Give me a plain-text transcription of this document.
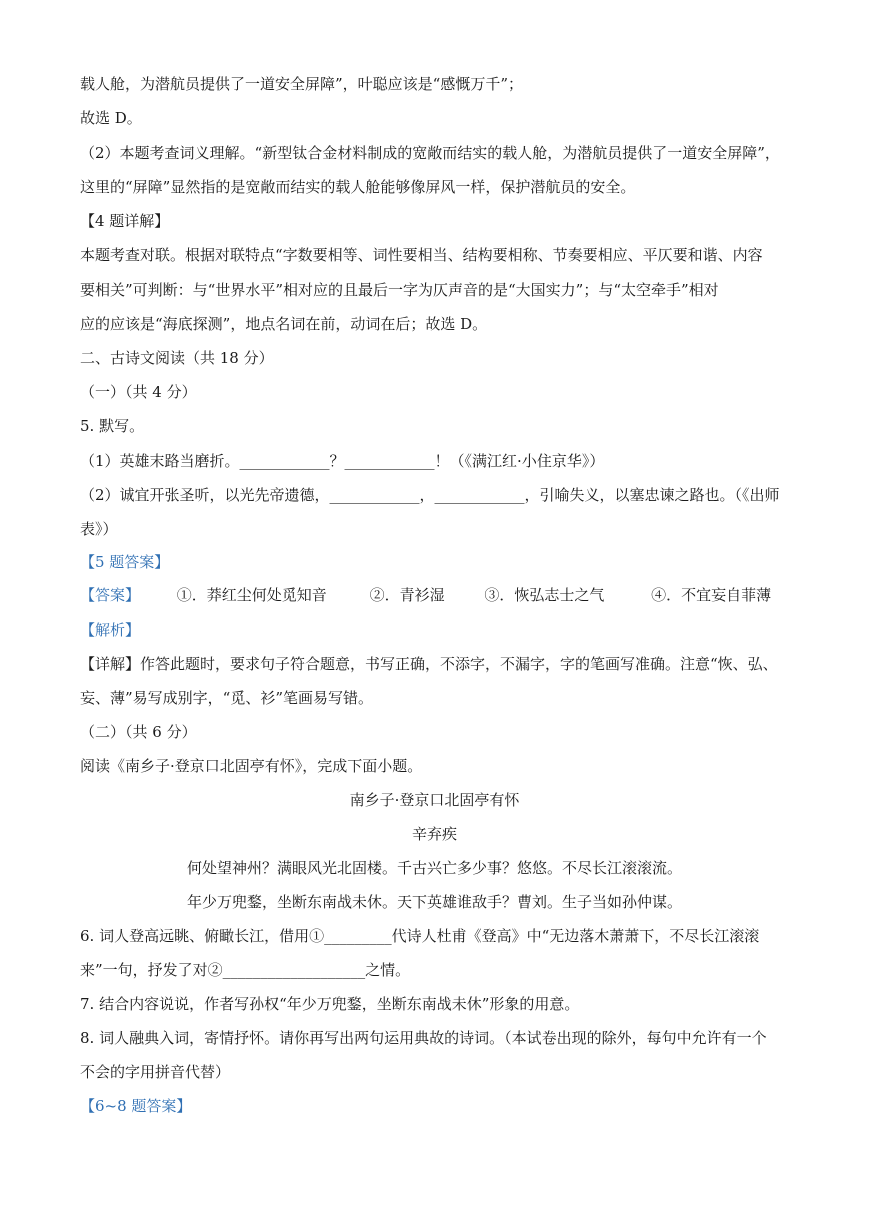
载人舱，为潜航员提供了一道安全屏障”，叶聪应该是“感慨万千”；
故选 D。
（2）本题考查词义理解。“新型钛合金材料制成的宽敞而结实的载人舱，为潜航员提供了一道安全屏障”，
这里的“屏障”显然指的是宽敞而结实的载人舱能够像屏风一样，保护潜航员的安全。
【4 题详解】
本题考查对联。根据对联特点“字数要相等、词性要相当、结构要相称、节奏要相应、平仄要和谐、内容
要相关”可判断：与“世界水平”相对应的且最后一字为仄声音的是“大国实力”；与“太空牵手”相对
应的应该是“海底探测”，地点名词在前，动词在后；故选 D。
二、古诗文阅读（共 18 分）
（一）（共 4 分）
5. 默写。
（1）英雄末路当磨折。____________？____________！（《满江红·小住京华》）
（2）诚宜开张圣听，以光先帝遗德，____________，____________，引喻失义，以塞忠谏之路也。（《出师
表》）
【5 题答案】
【答案】 ①．莽红尘何处觅知音	②．青衫湿	③．恢弘志士之气	④．不宜妄自菲薄
【解析】
【详解】作答此题时，要求句子符合题意，书写正确，不添字，不漏字，字的笔画写准确。注意“恢、弘、
妄、薄”易写成别字，“觅、衫”笔画易写错。
（二）（共 6 分）
阅读《南乡子·登京口北固亭有怀》，完成下面小题。
南乡子·登京口北固亭有怀
辛弃疾
何处望神州？满眼风光北固楼。千古兴亡多少事？悠悠。不尽长江滚滚流。
年少万兜鍪，坐断东南战未休。天下英雄谁敌手？曹刘。生子当如孙仲谋。
6. 词人登高远眺、俯瞰长江，借用①_________代诗人杜甫《登高》中“无边落木萧萧下，不尽长江滚滚
来”一句，抒发了对②___________________之情。
7. 结合内容说说，作者写孙权“年少万兜鍪，坐断东南战未休”形象的用意。
8. 词人融典入词，寄情抒怀。请你再写出两句运用典故的诗词。（本试卷出现的除外，每句中允许有一个
不会的字用拼音代替）
【6~8 题答案】
